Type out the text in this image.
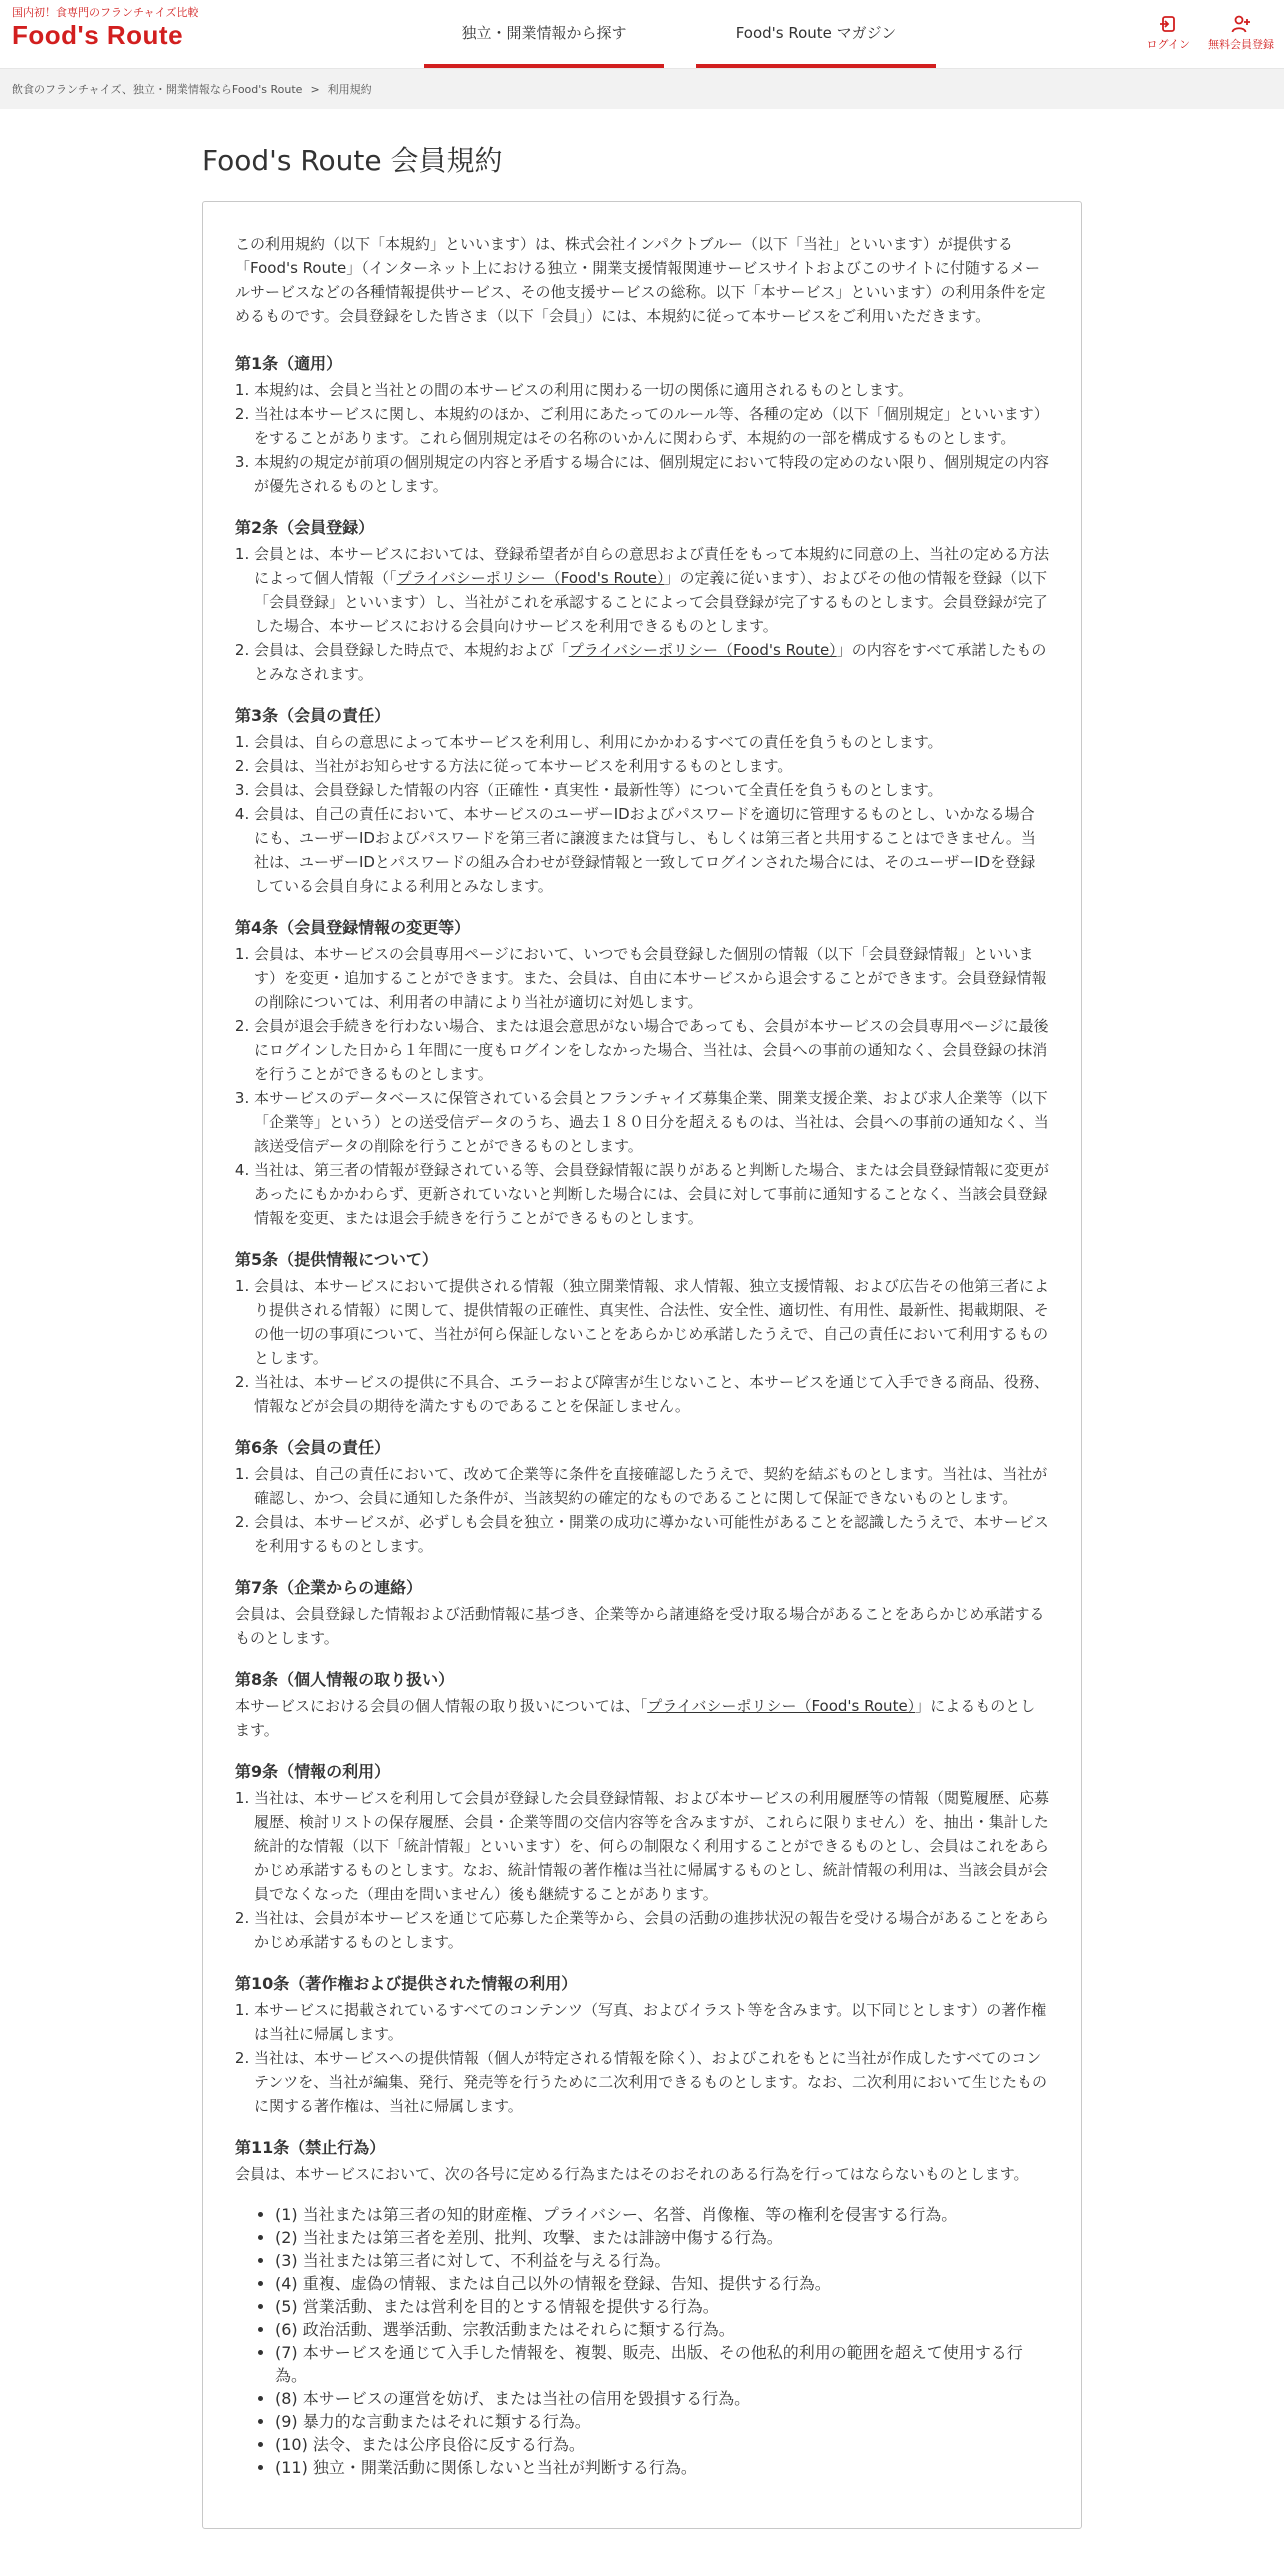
国内初！食専門のフランチャイズ比較
Food's Route	独立・開業情報から探す	Food's Route マガジン
ログイン 無料会員登録
飲食のフランチャイズ、独立・開業情報ならFood's Route > 利用規約
Food's Route 会員規約

この利用規約（以下「本規約」といいます）は、株式会社インパクトブルー（以下「当社」といいます）が提供する「Food's Route」（インターネット上における独立・開業支援情報関連サービスサイトおよびこのサイトに付随するメールサービスなどの各種情報提供サービス、その他支援サービスの総称。以下「本サービス」といいます）の利用条件を定めるものです。会員登録をした皆さま（以下「会員」）には、本規約に従って本サービスをご利用いただきます。

第1条（適用）
1. 本規約は、会員と当社との間の本サービスの利用に関わる一切の関係に適用されるものとします。
2. 当社は本サービスに関し、本規約のほか、ご利用にあたってのルール等、各種の定め（以下「個別規定」といいます）をすることがあります。これら個別規定はその名称のいかんに関わらず、本規約の一部を構成するものとします。
3. 本規約の規定が前項の個別規定の内容と矛盾する場合には、個別規定において特段の定めのない限り、個別規定の内容が優先されるものとします。
第2条（会員登録）
1. 会員とは、本サービスにおいては、登録希望者が自らの意思および責任をもって本規約に同意の上、当社の定める方法によって個人情報（「プライバシーポリシー（Food's Route）」の定義に従います）、およびその他の情報を登録（以下「会員登録」といいます）し、当社がこれを承認することによって会員登録が完了するものとします。会員登録が完了した場合、本サービスにおける会員向けサービスを利用できるものとします。
2. 会員は、会員登録した時点で、本規約および「プライバシーポリシー（Food's Route）」の内容をすべて承諾したものとみなされます。
第3条（会員の責任）
1. 会員は、自らの意思によって本サービスを利用し、利用にかかわるすべての責任を負うものとします。
2. 会員は、当社がお知らせする方法に従って本サービスを利用するものとします。
3. 会員は、会員登録した情報の内容（正確性・真実性・最新性等）について全責任を負うものとします。
4. 会員は、自己の責任において、本サービスのユーザーIDおよびパスワードを適切に管理するものとし、いかなる場合にも、ユーザーIDおよびパスワードを第三者に譲渡または貸与し、もしくは第三者と共用することはできません。当社は、ユーザーIDとパスワードの組み合わせが登録情報と一致してログインされた場合には、そのユーザーIDを登録している会員自身による利用とみなします。
第4条（会員登録情報の変更等）
1. 会員は、本サービスの会員専用ページにおいて、いつでも会員登録した個別の情報（以下「会員登録情報」といいます）を変更・追加することができます。また、会員は、自由に本サービスから退会することができます。会員登録情報の削除については、利用者の申請により当社が適切に対処します。
2. 会員が退会手続きを行わない場合、または退会意思がない場合であっても、会員が本サービスの会員専用ページに最後にログインした日から１年間に一度もログインをしなかった場合、当社は、会員への事前の通知なく、会員登録の抹消を行うことができるものとします。
3. 本サービスのデータベースに保管されている会員とフランチャイズ募集企業、開業支援企業、および求人企業等（以下「企業等」という）との送受信データのうち、過去１８０日分を超えるものは、当社は、会員への事前の通知なく、当該送受信データの削除を行うことができるものとします。
4. 当社は、第三者の情報が登録されている等、会員登録情報に誤りがあると判断した場合、または会員登録情報に変更があったにもかかわらず、更新されていないと判断した場合には、会員に対して事前に通知することなく、当該会員登録情報を変更、または退会手続きを行うことができるものとします。
第5条（提供情報について）
1. 会員は、本サービスにおいて提供される情報（独立開業情報、求人情報、独立支援情報、および広告その他第三者により提供される情報）に関して、提供情報の正確性、真実性、合法性、安全性、適切性、有用性、最新性、掲載期限、その他一切の事項について、当社が何ら保証しないことをあらかじめ承諾したうえで、自己の責任において利用するものとします。
2. 当社は、本サービスの提供に不具合、エラーおよび障害が生じないこと、本サービスを通じて入手できる商品、役務、情報などが会員の期待を満たすものであることを保証しません。
第6条（会員の責任）
1. 会員は、自己の責任において、改めて企業等に条件を直接確認したうえで、契約を結ぶものとします。当社は、当社が確認し、かつ、会員に通知した条件が、当該契約の確定的なものであることに関して保証できないものとします。
2. 会員は、本サービスが、必ずしも会員を独立・開業の成功に導かない可能性があることを認識したうえで、本サービスを利用するものとします。
第7条（企業からの連絡）

会員は、会員登録した情報および活動情報に基づき、企業等から諸連絡を受け取る場合があることをあらかじめ承諾するものとします。

第8条（個人情報の取り扱い）

本サービスにおける会員の個人情報の取り扱いについては、「プライバシーポリシー（Food's Route）」によるものとします。

第9条（情報の利用）
1. 当社は、本サービスを利用して会員が登録した会員登録情報、および本サービスの利用履歴等の情報（閲覧履歴、応募履歴、検討リストの保存履歴、会員・企業等間の交信内容等を含みますが、これらに限りません）を、抽出・集計した統計的な情報（以下「統計情報」といいます）を、何らの制限なく利用することができるものとし、会員はこれをあらかじめ承諾するものとします。なお、統計情報の著作権は当社に帰属するものとし、統計情報の利用は、当該会員が会員でなくなった（理由を問いません）後も継続することがあります。
2. 当社は、会員が本サービスを通じて応募した企業等から、会員の活動の進捗状況の報告を受ける場合があることをあらかじめ承諾するものとします。
第10条（著作権および提供された情報の利用）
1. 本サービスに掲載されているすべてのコンテンツ（写真、およびイラスト等を含みます。以下同じとします）の著作権は当社に帰属します。
2. 当社は、本サービスへの提供情報（個人が特定される情報を除く）、およびこれをもとに当社が作成したすべてのコンテンツを、当社が編集、発行、発売等を行うために二次利用できるものとします。なお、二次利用において生じたものに関する著作権は、当社に帰属します。
第11条（禁止行為）

会員は、本サービスにおいて、次の各号に定める行為またはそのおそれのある行為を行ってはならないものとします。

• (1) 当社または第三者の知的財産権、プライバシー、名誉、肖像権、等の権利を侵害する行為。
• (2) 当社または第三者を差別、批判、攻撃、または誹謗中傷する行為。
• (3) 当社または第三者に対して、不利益を与える行為。
• (4) 重複、虚偽の情報、または自己以外の情報を登録、告知、提供する行為。
• (5) 営業活動、または営利を目的とする情報を提供する行為。
• (6) 政治活動、選挙活動、宗教活動またはそれらに類する行為。
• (7) 本サービスを通じて入手した情報を、複製、販売、出版、その他私的利用の範囲を超えて使用する行為。
• (8) 本サービスの運営を妨げ、または当社の信用を毀損する行為。
• (9) 暴力的な言動またはそれに類する行為。
• (10) 法令、または公序良俗に反する行為。
• (11) 独立・開業活動に関係しないと当社が判断する行為。
